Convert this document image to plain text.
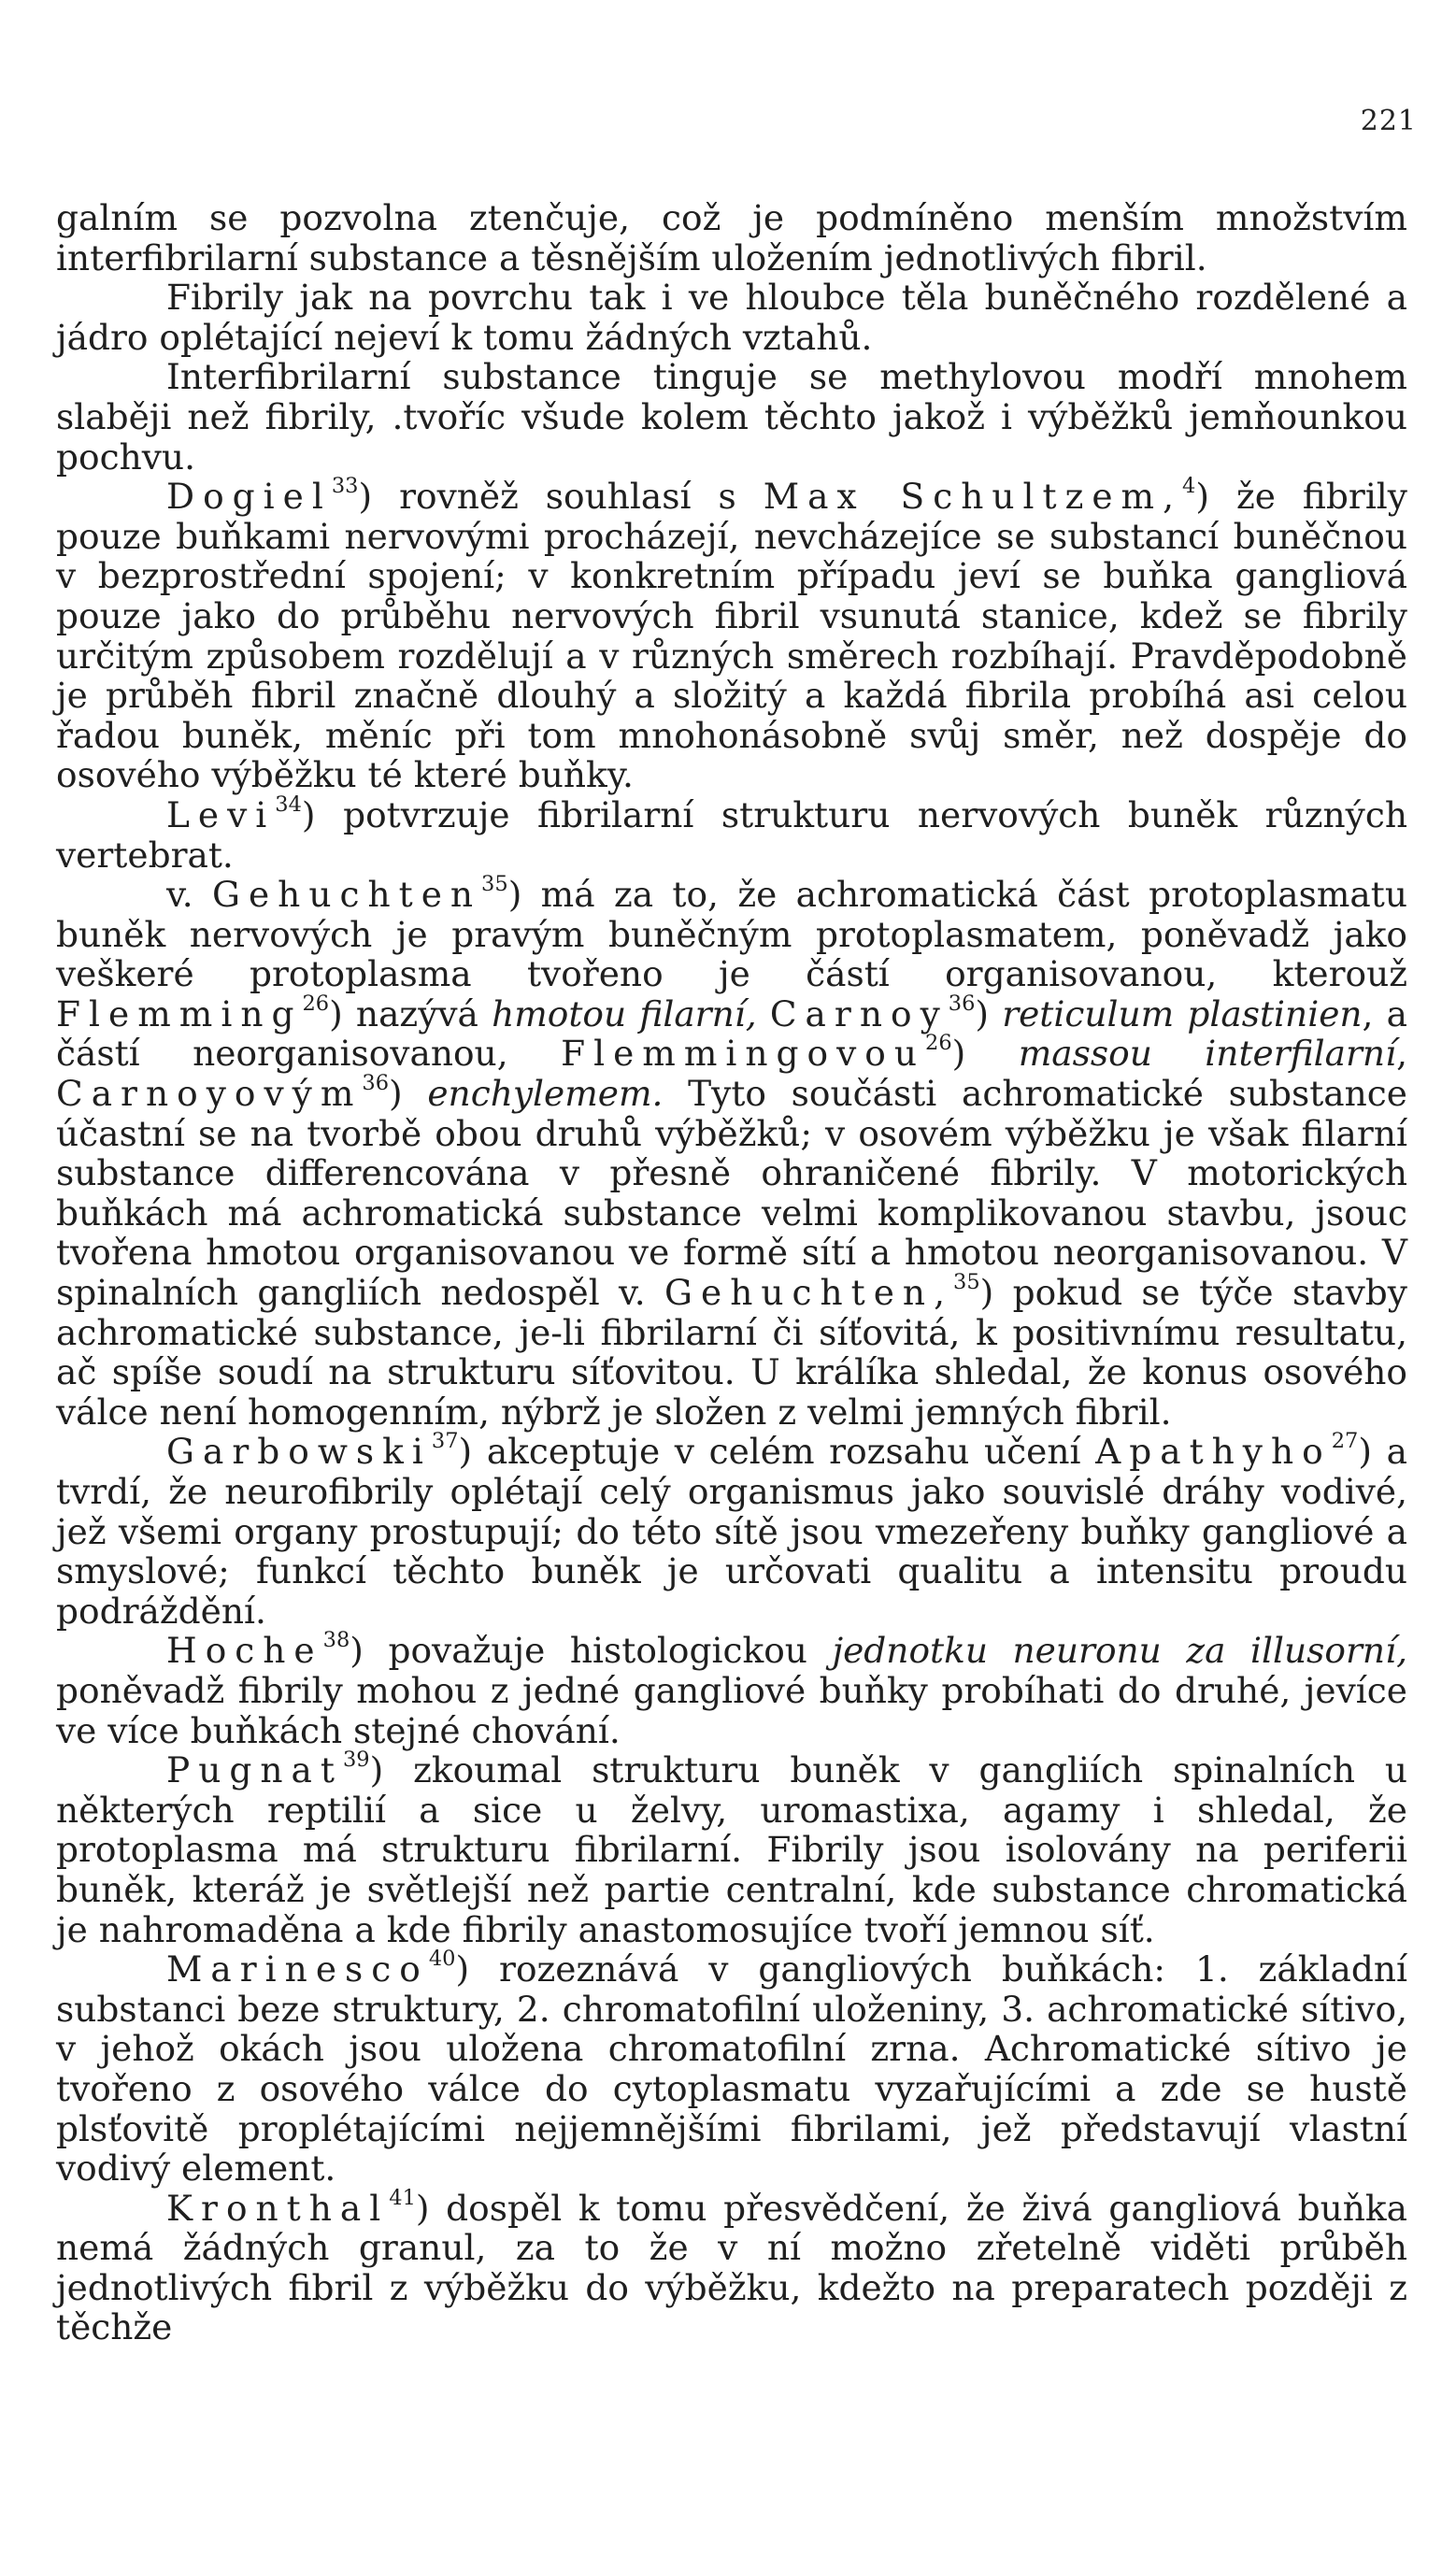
221

galním se pozvolna ztenčuje, což je podmíněno menším množstvím interfibrilarní substance a těsnějším uložením jednotlivých fibril.

Fibrily jak na povrchu tak i ve hloubce těla buněčného rozdělené a jádro oplétající nejeví k tomu žádných vztahů.

Interfibrilarní substance tinguje se methylovou modří mnohem slaběji než fibrily, .tvoříc všude kolem těchto jakož i výběžků jemňounkou pochvu.

Dogiel$^{33}$) rovněž souhlasí s Max Schultzem,$^4$) že fibrily pouze buňkami nervovými procházejí, nevcházejíce se substancí buněčnou v bezprostřední spojení; v konkretním případu jeví se buňka gangliová pouze jako do průběhu nervových fibril vsunutá stanice, kdež se fibrily určitým způsobem rozdělují a v různých směrech rozbíhají. Pravděpodobně je průběh fibril značně dlouhý a složitý a každá fibrila probíhá asi celou řadou buněk, měníc při tom mnohonásobně svůj směr, než dospěje do osového výběžku té které buňky.

Levi$^{34}$) potvrzuje fibrilarní strukturu nervových buněk různých vertebrat.

v. Gehuchten$^{35}$) má za to, že achromatická část protoplasmatu buněk nervových je pravým buněčným protoplasmatem, poněvadž jako veškeré protoplasma tvořeno je částí organisovanou, kterouž Flemming$^{26}$) nazývá hmotou filarní, Carnoy$^{36}$) reticulum plastinien, a částí neorganisovanou, Flemmingovou$^{26}$) massou interfilarní, Carnoyovým$^{36}$) enchylemem. Tyto součásti achromatické substance účastní se na tvorbě obou druhů výběžků; v osovém výběžku je však filarní substance differencována v přesně ohraničené fibrily. V motorických buňkách má achromatická substance velmi komplikovanou stavbu, jsouc tvořena hmotou organisovanou ve formě sítí a hmotou neorganisovanou. V spinalních gangliích nedospěl v. Gehuchten,$^{35}$) pokud se týče stavby achromatické substance, je-li fibrilarní či síťovitá, k positivnímu resultatu, ač spíše soudí na strukturu síťovitou. U králíka shledal, že konus osového válce není homogenním, nýbrž je složen z velmi jemných fibril.

Garbowski$^{37}$) akceptuje v celém rozsahu učení Apathyho$^{27}$) a tvrdí, že neurofibrily oplétají celý organismus jako souvislé dráhy vodivé, jež všemi organy prostupují; do této sítě jsou vmezeřeny buňky gangliové a smyslové; funkcí těchto buněk je určovati qualitu a intensitu proudu podráždění.

Hoche$^{38}$) považuje histologickou jednotku neuronu za illusorní, poněvadž fibrily mohou z jedné gangliové buňky probíhati do druhé, jevíce ve více buňkách stejné chování.

Pugnat$^{39}$) zkoumal strukturu buněk v gangliích spinalních u některých reptilií a sice u želvy, uromastixa, agamy i shledal, že protoplasma má strukturu fibrilarní. Fibrily jsou isolovány na periferii buněk, kteráž je světlejší než partie centralní, kde substance chromatická je nahromaděna a kde fibrily anastomosujíce tvoří jemnou síť.

Marinesco$^{40}$) rozeznává v gangliových buňkách: 1. základní substanci beze struktury, 2. chromatofilní uloženiny, 3. achromatické sítivo, v jehož okách jsou uložena chromatofilní zrna. Achromatické sítivo je tvořeno z osového válce do cytoplasmatu vyzařujícími a zde se hustě plsťovitě proplétajícími nejjemnějšími fibrilami, jež představují vlastní vodivý element.

Kronthal$^{41}$) dospěl k tomu přesvědčení, že živá gangliová buňka nemá žádných granul, za to že v ní možno zřetelně viděti průběh jednotlivých fibril z výběžku do výběžku, kdežto na preparatech později z těchže
